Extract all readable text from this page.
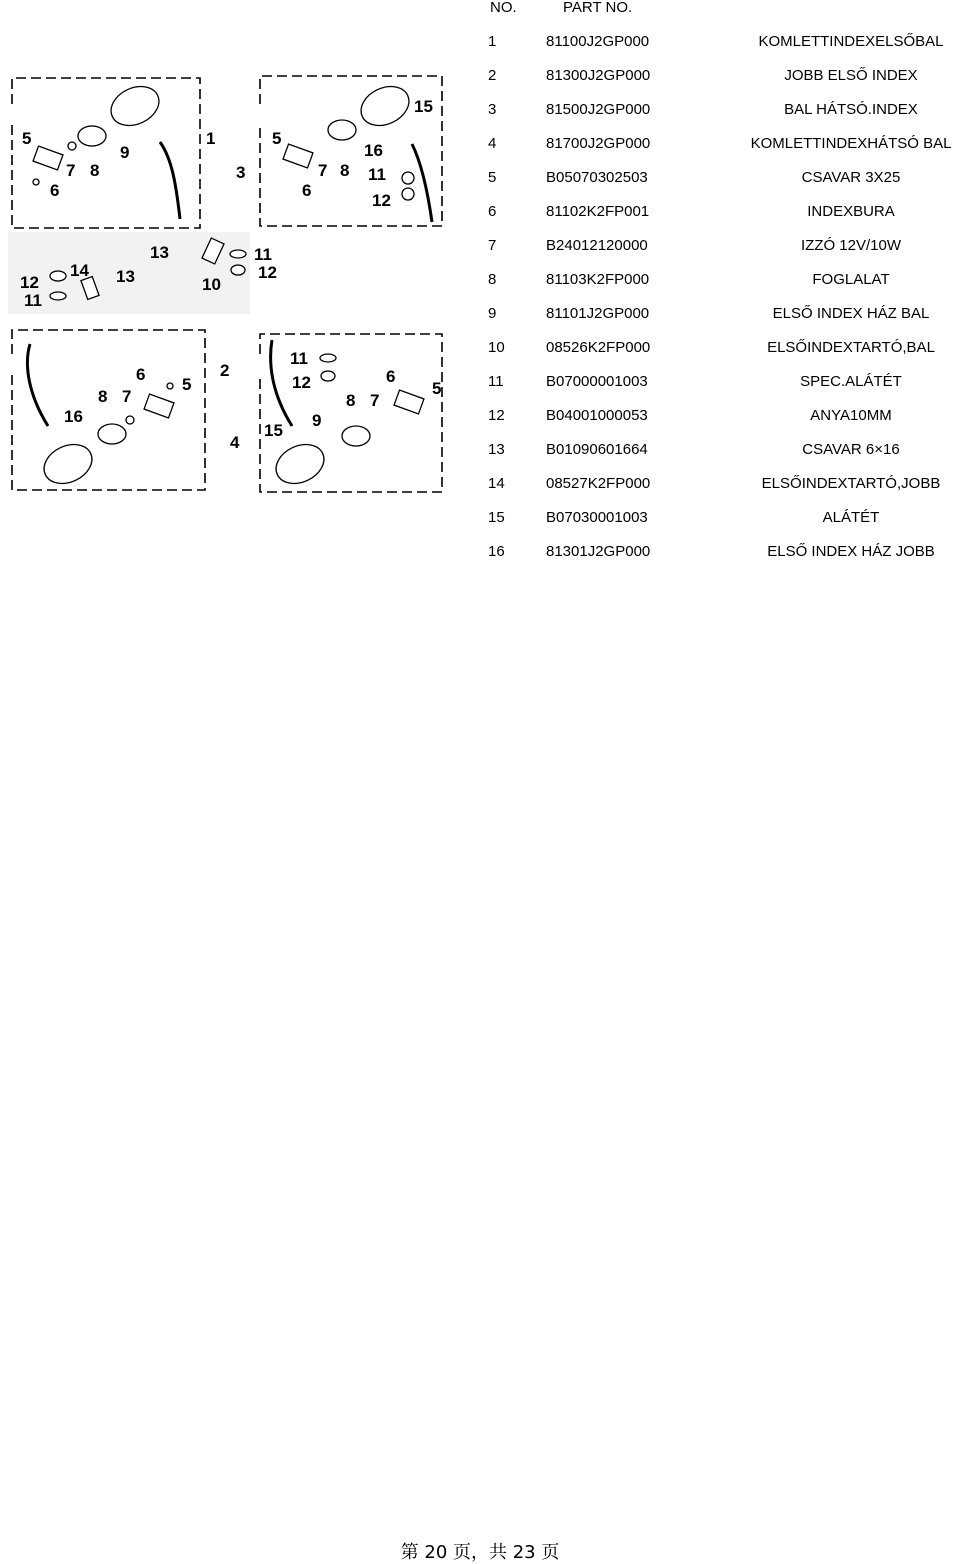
NO.	PART NO.
1	81100J2GP000	KOMLETTINDEXELSŐBAL
2	81300J2GP000	JOBB ELSŐ INDEX
3	81500J2GP000	BAL HÁTSÓ.INDEX
4	81700J2GP000	KOMLETTINDEXHÁTSÓ BAL
5	B05070302503	CSAVAR 3X25
6	81102K2FP001	INDEXBURA
7	B24012120000	IZZÓ 12V/10W
8	81103K2FP000	FOGLALAT
9	81101J2GP000	ELSŐ INDEX HÁZ BAL
10	08526K2FP000	ELSŐINDEXTARTÓ,BAL
11	B07000001003	SPEC.ALÁTÉT
12	B04001000053	ANYA10MM
13	B01090601664	CSAVAR 6×16
14	08527K2FP000	ELSŐINDEXTARTÓ,JOBB
15	B07030001003	ALÁTÉT
16	81301J2GP000	ELSŐ INDEX HÁZ JOBB
1
5
9
7 8
6
15
3
5
16
7 8 11
6
12
13	11
12
10
14 13
12
11
2
6
5
8 7
16
11
12	6
5
8 7
9
15
4
第 20 页，共 23 页
